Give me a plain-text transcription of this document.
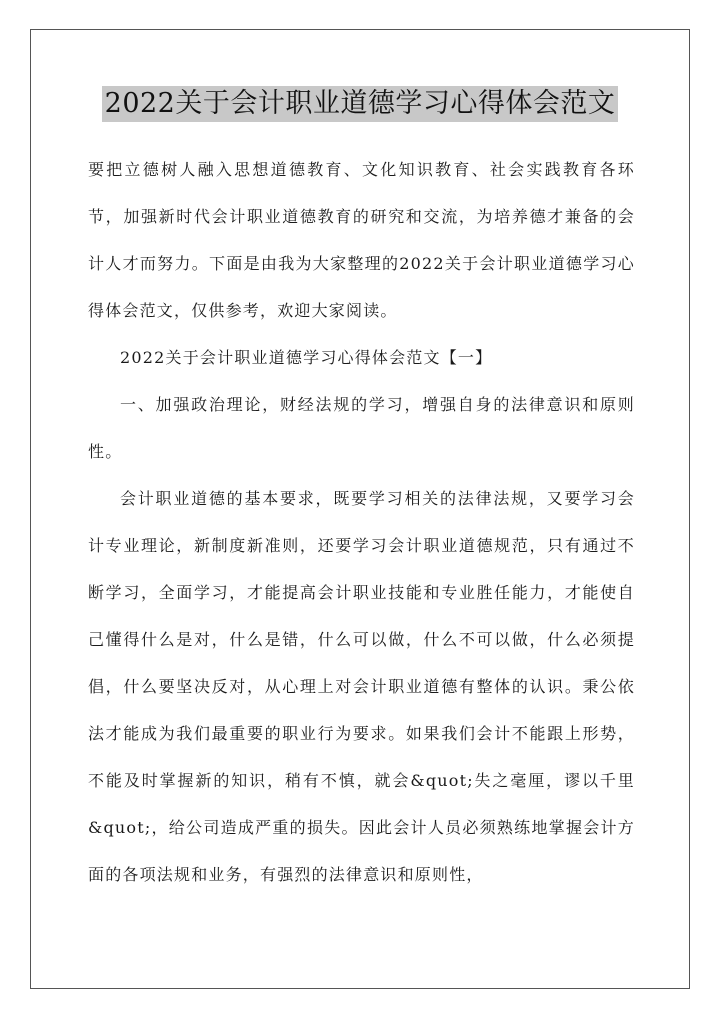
2022关于会计职业道德学习心得体会范文

要把立德树人融入思想道德教育、文化知识教育、社会实践教育各环节，加强新时代会计职业道德教育的研究和交流，为培养德才兼备的会计人才而努力。下面是由我为大家整理的2022关于会计职业道德学习心得体会范文，仅供参考，欢迎大家阅读。

2022关于会计职业道德学习心得体会范文【一】

一、加强政治理论，财经法规的学习，增强自身的法律意识和原则性。

会计职业道德的基本要求，既要学习相关的法律法规，又要学习会计专业理论，新制度新准则，还要学习会计职业道德规范，只有通过不断学习，全面学习，才能提高会计职业技能和专业胜任能力，才能使自己懂得什么是对，什么是错，什么可以做，什么不可以做，什么必须提倡，什么要坚决反对，从心理上对会计职业道德有整体的认识。秉公依法才能成为我们最重要的职业行为要求。如果我们会计不能跟上形势，不能及时掌握新的知识，稍有不慎，就会&quot;失之毫厘，谬以千里&quot;，给公司造成严重的损失。因此会计人员必须熟练地掌握会计方面的各项法规和业务，有强烈的法律意识和原则性，
